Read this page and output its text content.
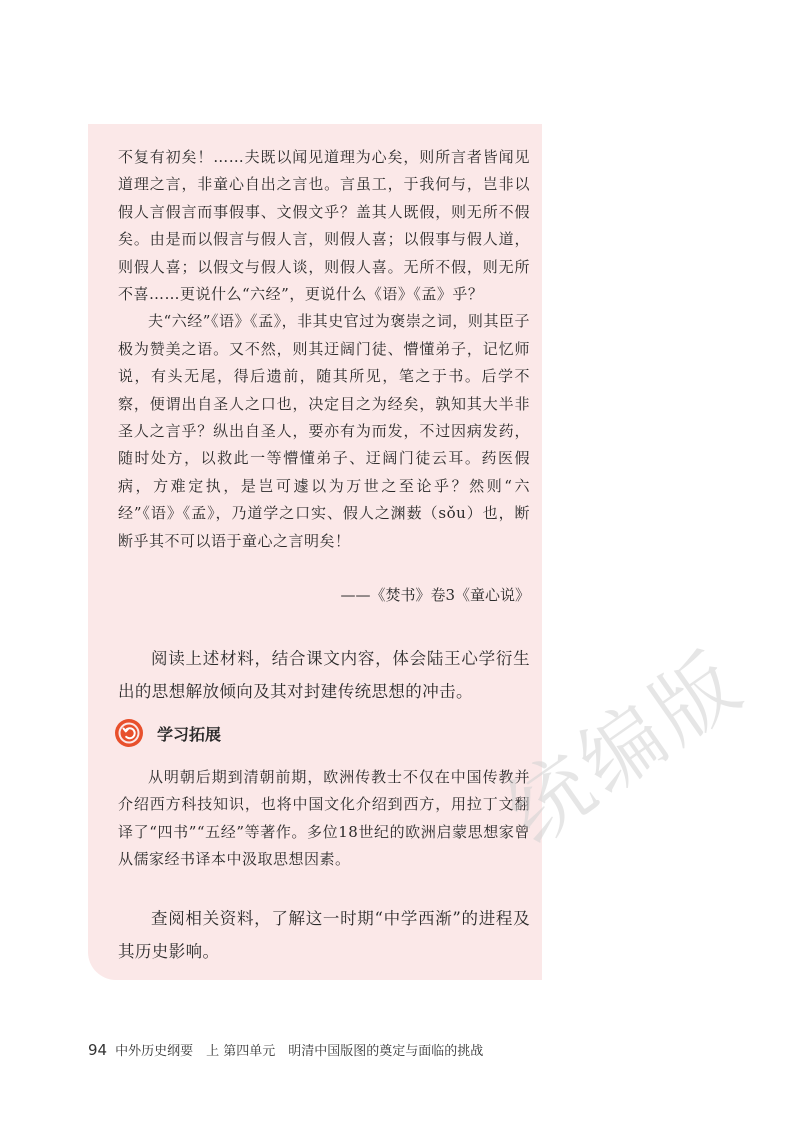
不复有初矣！……夫既以闻见道理为心矣，则所言者皆闻见道理之言，非童心自出之言也。言虽工，于我何与，岂非以假人言假言而事假事、文假文乎？盖其人既假，则无所不假矣。由是而以假言与假人言，则假人喜；以假事与假人道，则假人喜；以假文与假人谈，则假人喜。无所不假，则无所不喜……更说什么“六经”，更说什么《语》《孟》乎？

夫“六经”《语》《孟》，非其史官过为褒崇之词，则其臣子极为赞美之语。又不然，则其迂阔门徒、懵懂弟子，记忆师说，有头无尾，得后遗前，随其所见，笔之于书。后学不察，便谓出自圣人之口也，决定目之为经矣，孰知其大半非圣人之言乎？纵出自圣人，要亦有为而发，不过因病发药，随时处方，以救此一等懵懂弟子、迂阔门徒云耳。药医假病，方难定执，是岂可遽以为万世之至论乎？然则“六经”《语》《孟》，乃道学之口实、假人之渊薮（sǒu）也，断断乎其不可以语于童心之言明矣！

——《焚书》卷3《童心说》

阅读上述材料，结合课文内容，体会陆王心学衍生出的思想解放倾向及其对封建传统思想的冲击。

学习拓展

从明朝后期到清朝前期，欧洲传教士不仅在中国传教并介绍西方科技知识，也将中国文化介绍到西方，用拉丁文翻译了“四书”“五经”等著作。多位18世纪的欧洲启蒙思想家曾从儒家经书译本中汲取思想因素。

查阅相关资料，了解这一时期“中学西渐”的进程及其历史影响。

统编版
94 中外历史纲要　上 第四单元　明清中国版图的奠定与面临的挑战
